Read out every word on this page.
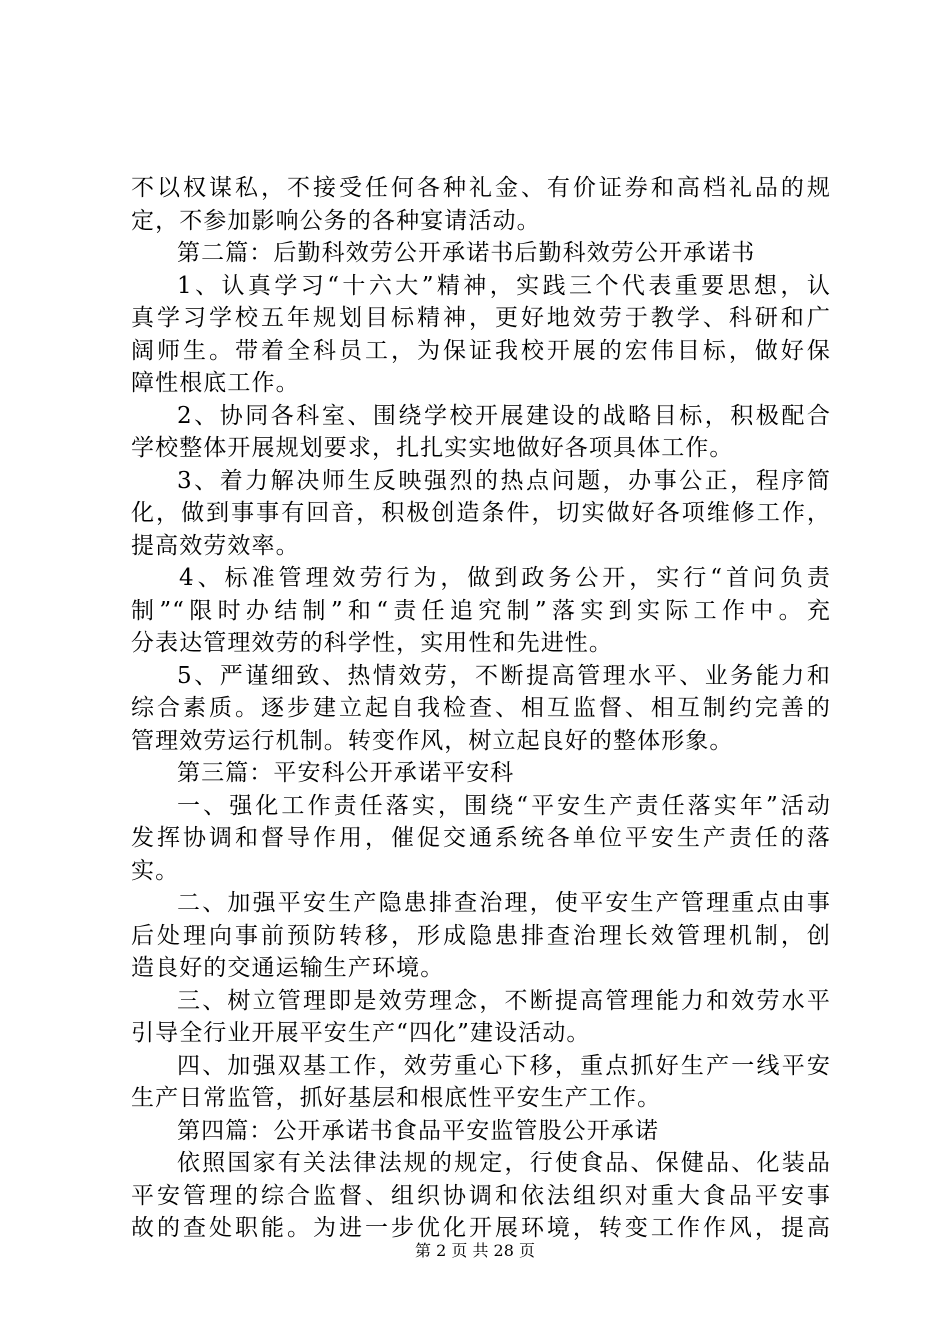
不以权谋私，不接受任何各种礼金、有价证券和高档礼品的规
定，不参加影响公务的各种宴请活动。
第二篇：后勤科效劳公开承诺书后勤科效劳公开承诺书
1、认真学习“十六大”精神，实践三个代表重要思想，认
真学习学校五年规划目标精神，更好地效劳于教学、科研和广
阔师生。带着全科员工，为保证我校开展的宏伟目标，做好保
障性根底工作。
2、协同各科室、围绕学校开展建设的战略目标，积极配合
学校整体开展规划要求，扎扎实实地做好各项具体工作。
3、着力解决师生反映强烈的热点问题，办事公正，程序简
化，做到事事有回音，积极创造条件，切实做好各项维修工作，
提高效劳效率。
4、标准管理效劳行为，做到政务公开，实行“首问负责
制”“限时办结制”和“责任追究制”落实到实际工作中。充
分表达管理效劳的科学性，实用性和先进性。
5、严谨细致、热情效劳，不断提高管理水平、业务能力和
综合素质。逐步建立起自我检查、相互监督、相互制约完善的
管理效劳运行机制。转变作风，树立起良好的整体形象。
第三篇：平安科公开承诺平安科
一、强化工作责任落实，围绕“平安生产责任落实年”活动
发挥协调和督导作用，催促交通系统各单位平安生产责任的落
实。
二、加强平安生产隐患排查治理，使平安生产管理重点由事
后处理向事前预防转移，形成隐患排查治理长效管理机制，创
造良好的交通运输生产环境。
三、树立管理即是效劳理念，不断提高管理能力和效劳水平
引导全行业开展平安生产“四化”建设活动。
四、加强双基工作，效劳重心下移，重点抓好生产一线平安
生产日常监管，抓好基层和根底性平安生产工作。
第四篇：公开承诺书食品平安监管股公开承诺
依照国家有关法律法规的规定，行使食品、保健品、化装品
平安管理的综合监督、组织协调和依法组织对重大食品平安事
故的查处职能。为进一步优化开展环境，转变工作作风，提高
第 2 页 共 28 页
